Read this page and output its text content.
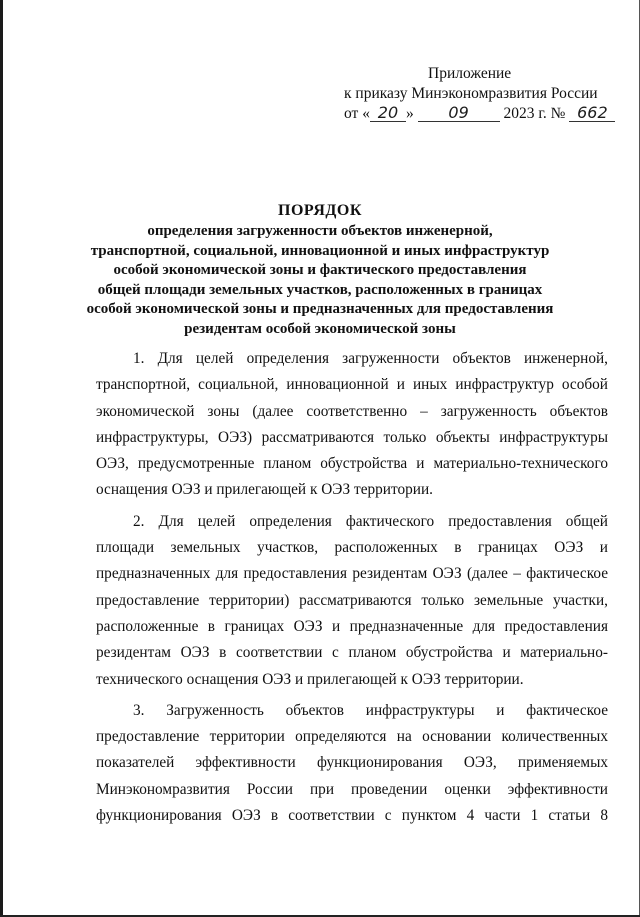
Приложение
к приказу Минэкономразвития России
от « 20 » 09 2023 г. № 662
ПОРЯДОК
определения загруженности объектов инженерной,
транспортной, социальной, инновационной и иных инфраструктур
особой экономической зоны и фактического предоставления
общей площади земельных участков, расположенных в границах
особой экономической зоны и предназначенных для предоставления
резидентам особой экономической зоны

1. Для целей определения загруженности объектов инженерной, транспортной, социальной, инновационной и иных инфраструктур особой экономической зоны (далее соответственно – загруженность объектов инфраструктуры, ОЭЗ) рассматриваются только объекты инфраструктуры ОЭЗ, предусмотренные планом обустройства и материально-технического оснащения ОЭЗ и прилегающей к ОЭЗ территории.

2. Для целей определения фактического предоставления общей площади земельных участков, расположенных в границах ОЭЗ и предназначенных для предоставления резидентам ОЭЗ (далее – фактическое предоставление территории) рассматриваются только земельные участки, расположенные в границах ОЭЗ и предназначенные для предоставления резидентам ОЭЗ в соответствии с планом обустройства и материально-технического оснащения ОЭЗ и прилегающей к ОЭЗ территории.

3. Загруженность объектов инфраструктуры и фактическое предоставление территории определяются на основании количественных показателей эффективности функционирования ОЭЗ, применяемых Минэкономразвития России при проведении оценки эффективности функционирования ОЭЗ в соответствии с пунктом 4 части 1 статьи 8
